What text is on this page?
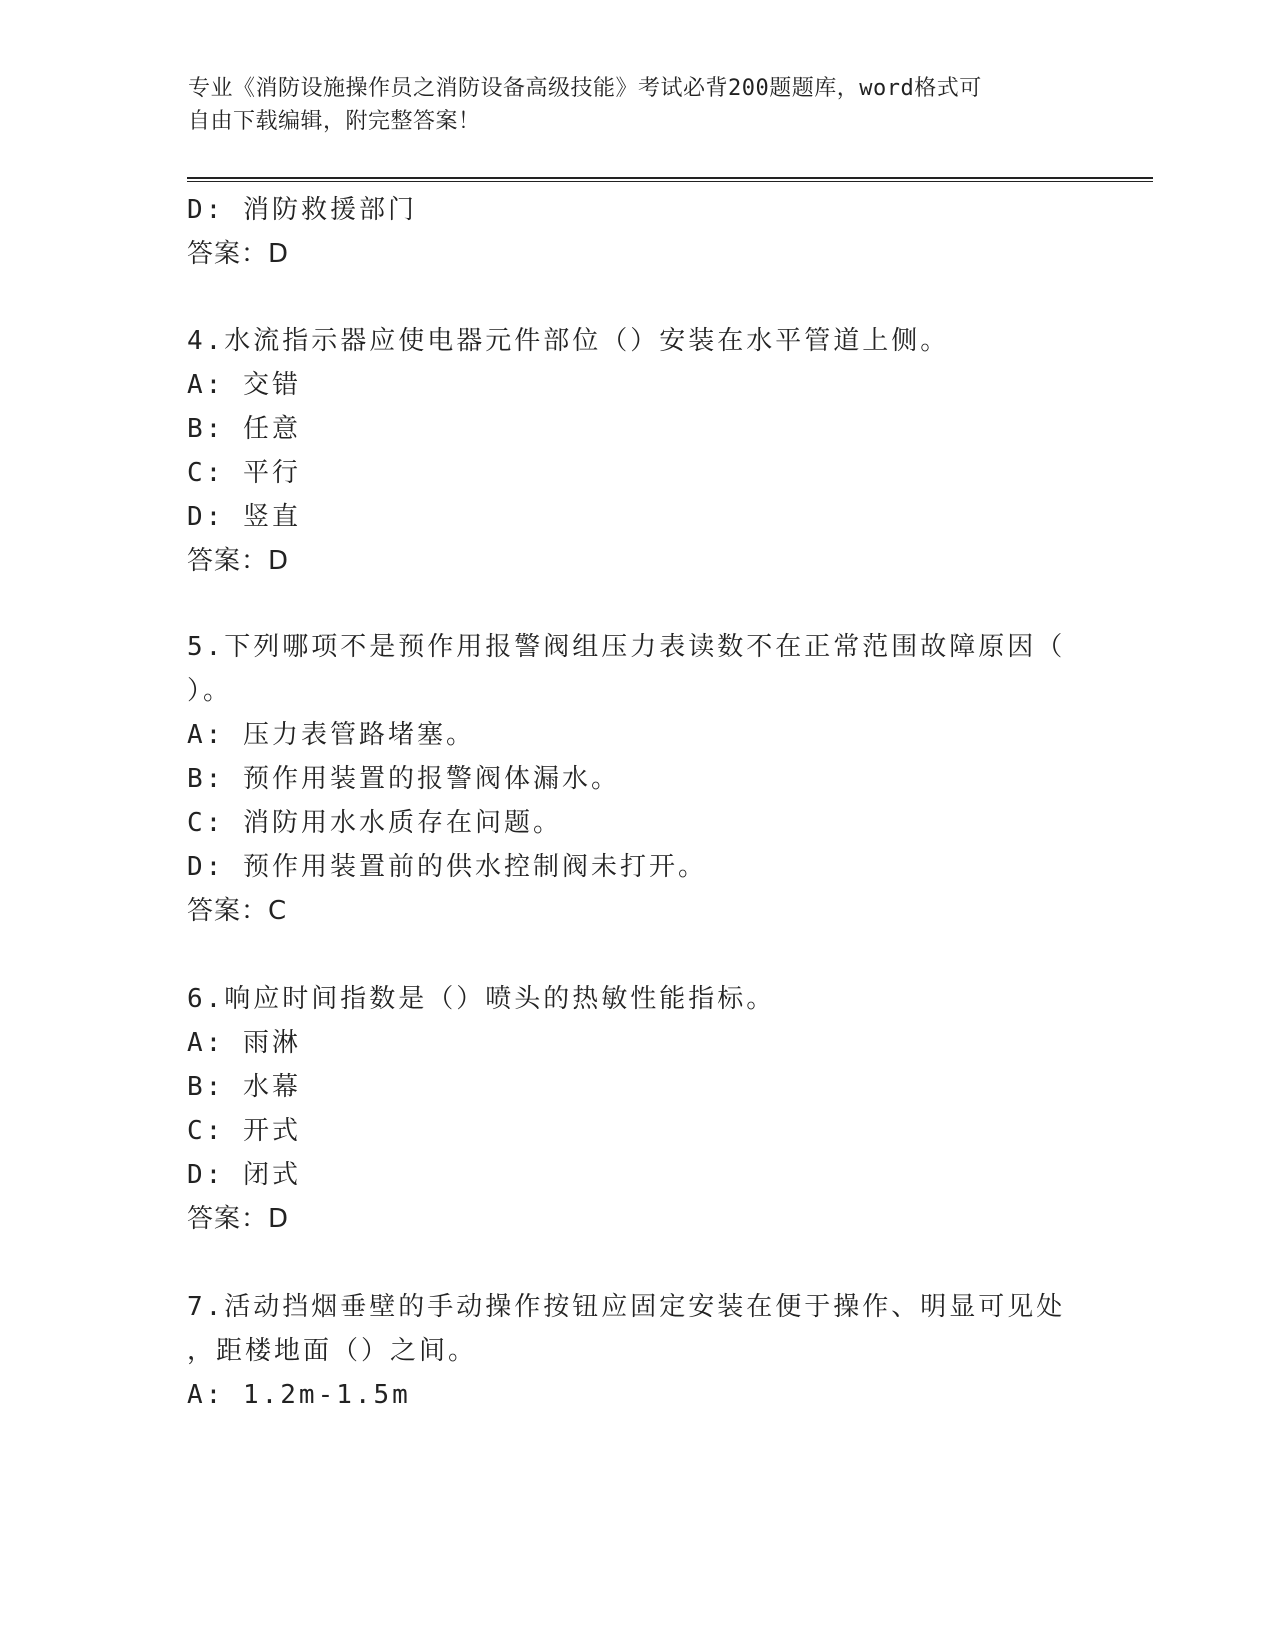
专业《消防设施操作员之消防设备高级技能》考试必背200题题库，word格式可
自由下载编辑，附完整答案！
D: 消防救援部门
答案：D
4.水流指示器应使电器元件部位（）安装在水平管道上侧。
A: 交错
B: 任意
C: 平行
D: 竖直
答案：D
5.下列哪项不是预作用报警阀组压力表读数不在正常范围故障原因（
）。
A: 压力表管路堵塞。
B: 预作用装置的报警阀体漏水。
C: 消防用水水质存在问题。
D: 预作用装置前的供水控制阀未打开。
答案：C
6.响应时间指数是（）喷头的热敏性能指标。
A: 雨淋
B: 水幕
C: 开式
D: 闭式
答案：D
7.活动挡烟垂壁的手动操作按钮应固定安装在便于操作、明显可见处
，距楼地面（）之间。
A: 1.2m-1.5m
